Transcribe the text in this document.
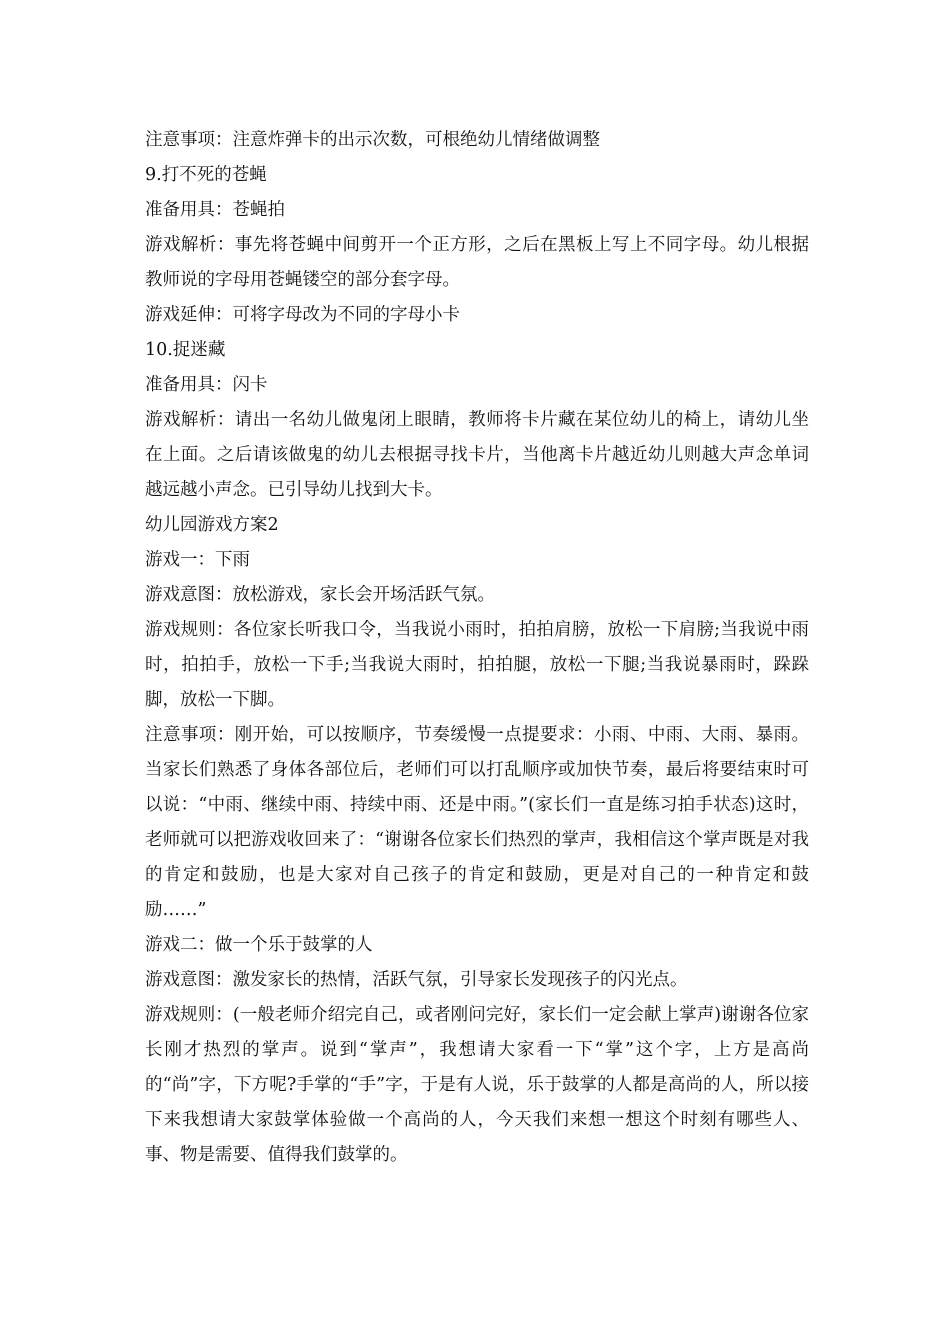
注意事项：注意炸弹卡的出示次数，可根绝幼儿情绪做调整

9.打不死的苍蝇

准备用具：苍蝇拍

游戏解析：事先将苍蝇中间剪开一个正方形，之后在黑板上写上不同字母。幼儿根据教师说的字母用苍蝇镂空的部分套字母。

游戏延伸：可将字母改为不同的字母小卡

10.捉迷藏

准备用具：闪卡

游戏解析：请出一名幼儿做鬼闭上眼睛，教师将卡片藏在某位幼儿的椅上，请幼儿坐在上面。之后请该做鬼的幼儿去根据寻找卡片，当他离卡片越近幼儿则越大声念单词越远越小声念。已引导幼儿找到大卡。

幼儿园游戏方案2

游戏一：下雨

游戏意图：放松游戏，家长会开场活跃气氛。

游戏规则：各位家长听我口令，当我说小雨时，拍拍肩膀，放松一下肩膀;当我说中雨时，拍拍手，放松一下手;当我说大雨时，拍拍腿，放松一下腿;当我说暴雨时，跺跺脚，放松一下脚。

注意事项：刚开始，可以按顺序，节奏缓慢一点提要求：小雨、中雨、大雨、暴雨。当家长们熟悉了身体各部位后，老师们可以打乱顺序或加快节奏，最后将要结束时可以说：“中雨、继续中雨、持续中雨、还是中雨。”(家长们一直是练习拍手状态)这时，老师就可以把游戏收回来了：“谢谢各位家长们热烈的掌声，我相信这个掌声既是对我的肯定和鼓励，也是大家对自己孩子的肯定和鼓励，更是对自己的一种肯定和鼓励……”

游戏二：做一个乐于鼓掌的人

游戏意图：激发家长的热情，活跃气氛，引导家长发现孩子的闪光点。

游戏规则：(一般老师介绍完自己，或者刚问完好，家长们一定会献上掌声)谢谢各位家长刚才热烈的掌声。说到“掌声”，我想请大家看一下“掌”这个字，上方是高尚的“尚”字，下方呢?手掌的“手”字，于是有人说，乐于鼓掌的人都是高尚的人，所以接下来我想请大家鼓掌体验做一个高尚的人，今天我们来想一想这个时刻有哪些人、事、物是需要、值得我们鼓掌的。
